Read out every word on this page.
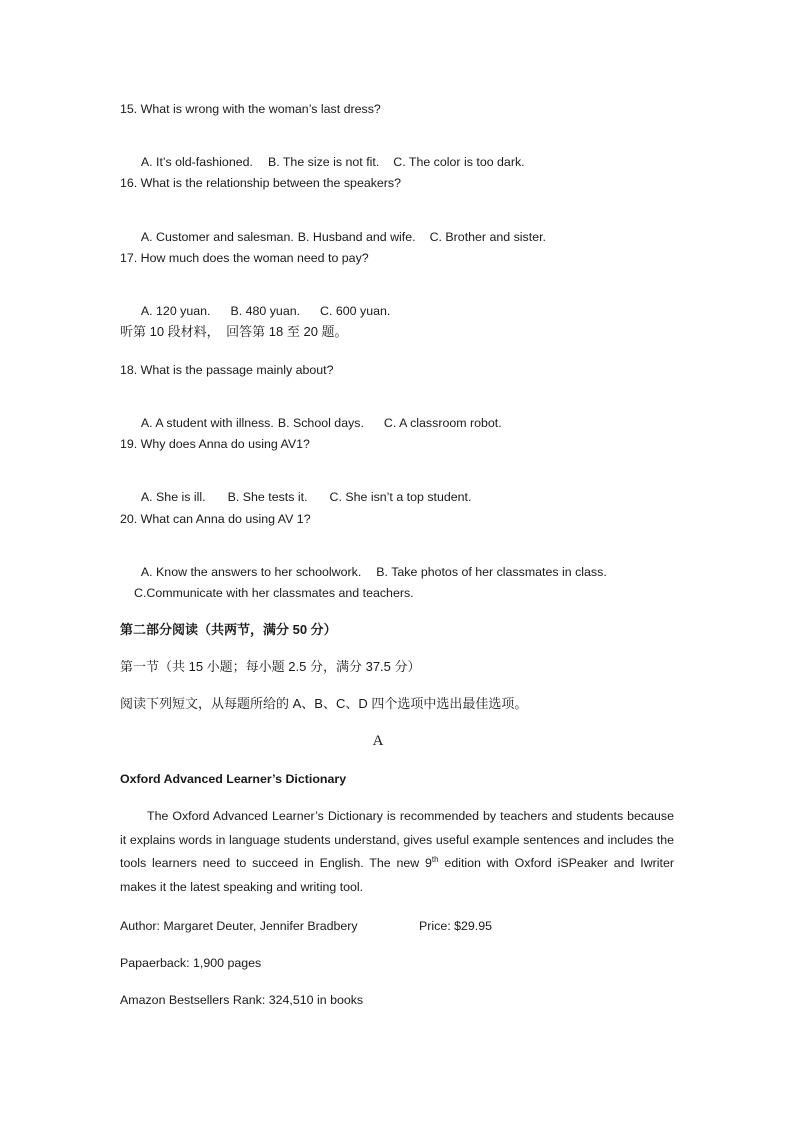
15. What is wrong with the woman’s last dress?

A. It’s old-fashioned. B. The size is not fit. C. The color is too dark.

16. What is the relationship between the speakers?

A. Customer and salesman. B. Husband and wife. C. Brother and sister.

17. How much does the woman need to pay?

A. 120 yuan. B. 480 yuan. C. 600 yuan.

听第 10 段材料，　回答第 18 至 20 题。
18. What is the passage mainly about?

A. A student with illness. B. School days. C. A classroom robot.

19. Why does Anna do using AV1?

A. She is ill. B. She tests it. C. She isn’t a top student.

20. What can Anna do using AV 1?

A. Know the answers to her schoolwork. B. Take photos of her classmates in class.

C.Communicate with her classmates and teachers.
第二部分阅读（共两节，满分 50 分）
第一节（共 15 小题；每小题 2.5 分，满分 37.5 分）
阅读下列短文，从每题所给的 A、B、C、D 四个选项中选出最佳选项。
A
Oxford Advanced Learner’s Dictionary
The Oxford Advanced Learner’s Dictionary is recommended by teachers and students because it explains words in language students understand, gives useful example sentences and includes the tools learners need to succeed in English. The new 9th edition with Oxford iSPeaker and Iwriter makes it the latest speaking and writing tool.
Author: Margaret Deuter, Jennifer Bradbery	Price: $29.95
Papaerback: 1,900 pages
Amazon Bestsellers Rank: 324,510 in books
